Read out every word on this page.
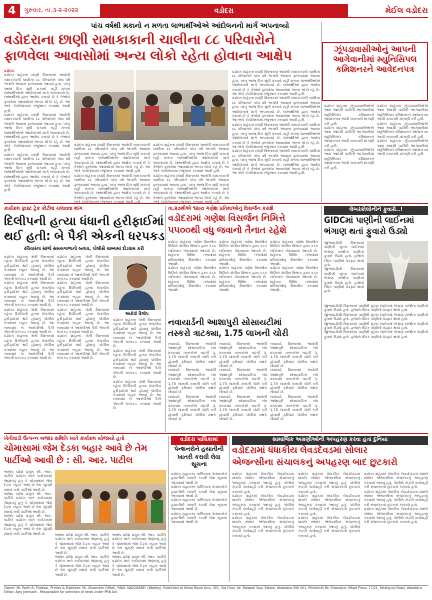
4	ગુરુવાર, તા.૩-૨-૨૦૨૨	વડોદરા	મેઈલ વડોદરા
પાંચ વર્ષથી મકાનો ન મળતા લાભાર્થીઓએ આંદોલનનો માર્ગ અપનાવ્યો
વડોદરાના છાણી રામાકાકાની ચાલીના ૮૮ પરિવારોને
ફાળવેલા આવાસોમાં અન્ય લોકો રહેતા હોવાના આક્ષેપ
વડોદરા
વડોદરા શહેરના છાણી વિસ્તારમાં આવેલી રામાકાકાની ચાલીના ૮૮ પરિવારોને પાંચ વર્ષ અગાઉ આવાસ ફાળવવામાં આવ્યા હતા. પરંતુ આજ દિન સુધી મકાનો નહીં મળતા લાભાર્થીઓએ આંદોલનનો માર્ગ અપનાવ્યો છે. લાભાર્થીઓ દ્વારા આક્ષેપ કરાયો છે કે તેઓને ફાળવેલા આવાસોમાં અન્ય લોકો રહે છે. આ અંગે કોર્પોરેશનમાં રજૂઆત કરવામાં આવી હતી.
વડોદરા શહેરના છાણી વિસ્તારમાં આવેલી રામાકાકાની ચાલીના ૮૮ પરિવારોને પાંચ વર્ષ અગાઉ આવાસ ફાળવવામાં આવ્યા હતા. પરંતુ આજ દિન સુધી મકાનો નહીં મળતા લાભાર્થીઓએ આંદોલનનો માર્ગ અપનાવ્યો છે. લાભાર્થીઓ દ્વારા આક્ષેપ કરાયો છે કે તેઓને ફાળવેલા આવાસોમાં અન્ય લોકો રહે છે. આ અંગે કોર્પોરેશનમાં રજૂઆત કરવામાં આવી હતી.
વડોદરા શહેરના છાણી વિસ્તારમાં આવેલી રામાકાકાની ચાલીના ૮૮ પરિવારોને પાંચ વર્ષ અગાઉ આવાસ ફાળવવામાં આવ્યા હતા. પરંતુ આજ દિન સુધી મકાનો નહીં મળતા લાભાર્થીઓએ આંદોલનનો માર્ગ અપનાવ્યો છે. લાભાર્થીઓ દ્વારા આક્ષેપ કરાયો છે કે તેઓને ફાળવેલા આવાસોમાં અન્ય લોકો રહે છે. આ અંગે કોર્પોરેશનમાં રજૂઆત કરવામાં આવી હતી.
વડોદરા શહેરના છાણી વિસ્તારમાં આવેલી રામાકાકાની ચાલીના ૮૮ પરિવારોને પાંચ વર્ષ અગાઉ આવાસ ફાળવવામાં આવ્યા હતા. પરંતુ આજ દિન સુધી મકાનો નહીં મળતા લાભાર્થીઓએ આંદોલનનો માર્ગ અપનાવ્યો છે. લાભાર્થીઓ દ્વારા આક્ષેપ કરાયો છે કે તેઓને ફાળવેલા આવાસોમાં અન્ય લોકો રહે છે. આ અંગે કોર્પોરેશનમાં રજૂઆત કરવામાં આવી હતી.
વડોદરા શહેરના છાણી વિસ્તારમાં આવેલી રામાકાકાની ચાલીના ૮૮ પરિવારોને પાંચ વર્ષ અગાઉ આવાસ ફાળવવામાં આવ્યા હતા. પરંતુ આજ દિન સુધી મકાનો નહીં મળતા લાભાર્થીઓએ આંદોલનનો માર્ગ અપનાવ્યો છે. લાભાર્થીઓ દ્વારા આક્ષેપ કરાયો છે કે તેઓને ફાળવેલા આવાસોમાં અન્ય લોકો રહે છે. આ
વડોદરા શહેરના છાણી વિસ્તારમાં આવેલી રામાકાકાની ચાલીના ૮૮ પરિવારોને પાંચ વર્ષ અગાઉ આવાસ ફાળવવામાં આવ્યા હતા. પરંતુ આજ દિન સુધી મકાનો નહીં મળતા લાભાર્થીઓએ આંદોલનનો માર્ગ અપનાવ્યો છે. લાભાર્થીઓ દ્વારા આક્ષેપ કરાયો છે કે તેઓને ફાળવેલા આવાસોમાં અન્ય લોકો રહે છે. આ અંગે કોર્પોરેશનમાં રજૂઆત કરવામાં આવી હતી.
વડોદરા શહેરના છાણી વિસ્તારમાં આવેલી રામાકાકાની ચાલીના ૮૮ પરિવારોને પાંચ વર્ષ અગાઉ આવાસ ફાળવવામાં આવ્યા હતા. પરંતુ આજ દિન સુધી મકાનો નહીં મળતા લાભાર્થીઓએ આંદોલનનો માર્ગ અપનાવ્યો છે. લાભાર્થીઓ દ્વારા આક્ષેપ કરાયો છે કે તેઓને ફાળવેલા આવાસોમાં અન્ય લોકો રહે છે. આ
વડોદરા શહેરના છાણી વિસ્તારમાં આવેલી રામાકાકાની ચાલીના ૮૮ પરિવારોને પાંચ વર્ષ અગાઉ આવાસ ફાળવવામાં આવ્યા હતા. પરંતુ આજ દિન સુધી મકાનો નહીં મળતા લાભાર્થીઓએ આંદોલનનો માર્ગ અપનાવ્યો છે. લાભાર્થીઓ દ્વારા આક્ષેપ કરાયો છે કે તેઓને ફાળવેલા આવાસોમાં અન્ય લોકો રહે છે. આ અંગે કોર્પોરેશનમાં રજૂઆત કરવામાં આવી હતી.
વડોદરા શહેરના છાણી વિસ્તારમાં આવેલી રામાકાકાની ચાલીના ૮૮ પરિવારોને પાંચ વર્ષ અગાઉ આવાસ ફાળવવામાં આવ્યા હતા. પરંતુ આજ દિન સુધી મકાનો નહીં મળતા લાભાર્થીઓએ આંદોલનનો માર્ગ અપનાવ્યો છે. લાભાર્થીઓ દ્વારા આક્ષેપ કરાયો છે કે તેઓને ફાળવેલા આવાસોમાં અન્ય લોકો રહે છે. આ અંગે કોર્પોરેશનમાં રજૂઆત કરવામાં આવી હતી.
વડોદરા શહેરના છાણી વિસ્તારમાં આવેલી રામાકાકાની ચાલીના ૮૮ પરિવારોને પાંચ વર્ષ અગાઉ આવાસ ફાળવવામાં આવ્યા હતા. પરંતુ આજ દિન સુધી મકાનો નહીં મળતા લાભાર્થીઓએ આંદોલનનો માર્ગ અપનાવ્યો છે. લાભાર્થીઓ દ્વારા આક્ષેપ કરાયો છે કે તેઓને ફાળવેલા આવાસોમાં અન્ય લોકો રહે છે. આ અંગે કોર્પોરેશનમાં રજૂઆત કરવામાં આવી હતી.
વડોદરા શહેરના છાણી વિસ્તારમાં આવેલી રામાકાકાની ચાલીના ૮૮ પરિવારોને પાંચ વર્ષ અગાઉ આવાસ ફાળવવામાં આવ્યા હતા. પરંતુ આજ દિન સુધી મકાનો નહીં મળતા લાભાર્થીઓએ આંદોલનનો માર્ગ અપનાવ્યો છે. લાભાર્થીઓ દ્વારા આક્ષેપ કરાયો છે કે તેઓને ફાળવેલા આવાસોમાં અન્ય લોકો રહે છે. આ અંગે કોર્પોરેશનમાં રજૂઆત કરવામાં આવી હતી.
ઝૂંપડાવાસીઓનું આપની આગેવાનીમાં મ્યુનિસિપલ કમિશનરને આવેદનપત્ર
વડોદરા શહેરના ઝૂંપડાવાસીઓએ આમ આદમી પાર્ટીની આગેવાનીમાં મ્યુનિસિપલ કમિશનરને આવેદનપત્ર આપી મકાનની માંગણી કરી હતી.
વડોદરા શહેરના ઝૂંપડાવાસીઓએ આમ આદમી પાર્ટીની આગેવાનીમાં મ્યુનિસિપલ કમિશનરને આવેદનપત્ર આપી મકાનની માંગણી કરી હતી.
વડોદરા શહેરના ઝૂંપડાવાસીઓએ આમ આદમી પાર્ટીની આગેવાનીમાં મ્યુનિસિપલ કમિશનરને આવેદનપત્ર આપી મકાનની માંગણી કરી હતી.
વડોદરા શહેરના ઝૂંપડાવાસીઓએ આમ આદમી પાર્ટીની આગેવાનીમાં મ્યુનિસિપલ કમિશનરને આવેદનપત્ર આપી મકાનની માંગણી કરી હતી.
વડોદરા શહેરના ઝૂંપડાવાસીઓએ આમ આદમી પાર્ટીની આગેવાનીમાં મ્યુનિસિપલ કમિશનરને આવેદનપત્ર આપી મકાનની માંગણી કરી હતી.
વડોદરા શહેરના ઝૂંપડાવાસીઓએ આમ આદમી પાર્ટીની આગેવાનીમાં મ્યુનિસિપલ કમિશનરને આવેદનપત્ર આપી મકાનની માંગણી કરી હતી.
કાર્યક્રમ ફાસ્ટ ટ્રેક કોર્ટમાં ચલાવવા માંગ
દિલીપની હત્યા ધંધાની હરીફાઈમાં
થઈ હતી: બે પૈકી એકની ધરપકડ
રવિવારના સાંજે સમયગાળાનો બનાવ, પોલીસે ગ્રામ્યમાં દોડધામ કરી
વડોદરા શહેરના ગોત્રી વિસ્તારમાં રહેતા દિલીપની હત્યા ધંધાકીય હરીફાઈમાં થઈ હોવાનું પોલીસ તપાસમાં બહાર આવ્યું છે. આ બનાવમાં બે આરોપીઓ પૈકી એકની ધરપકડ કરવામાં આવી છે.
વડોદરા શહેરના ગોત્રી વિસ્તારમાં રહેતા દિલીપની હત્યા ધંધાકીય હરીફાઈમાં થઈ હોવાનું પોલીસ તપાસમાં બહાર આવ્યું છે. આ બનાવમાં બે આરોપીઓ પૈકી એકની ધરપકડ કરવામાં આવી છે.
વડોદરા શહેરના ગોત્રી વિસ્તારમાં રહેતા દિલીપની હત્યા ધંધાકીય હરીફાઈમાં થઈ હોવાનું પોલીસ તપાસમાં બહાર આવ્યું છે. આ બનાવમાં બે આરોપીઓ પૈકી એકની ધરપકડ કરવામાં આવી છે.
વડોદરા શહેરના ગોત્રી વિસ્તારમાં રહેતા દિલીપની હત્યા ધંધાકીય હરીફાઈમાં થઈ હોવાનું પોલીસ તપાસમાં બહાર આવ્યું છે. આ બનાવમાં બે આરોપીઓ પૈકી એકની ધરપકડ કરવામાં આવી છે.
વડોદરા શહેરના ગોત્રી વિસ્તારમાં રહેતા દિલીપની હત્યા ધંધાકીય હરીફાઈમાં થઈ હોવાનું પોલીસ તપાસમાં બહાર આવ્યું છે. આ બનાવમાં બે આરોપીઓ પૈકી એકની ધરપકડ કરવામાં આવી છે.
વડોદરા શહેરના ગોત્રી વિસ્તારમાં રહેતા દિલીપની હત્યા ધંધાકીય હરીફાઈમાં થઈ હોવાનું પોલીસ તપાસમાં બહાર આવ્યું છે. આ બનાવમાં બે આરોપીઓ પૈકી એકની ધરપકડ કરવામાં આવી છે.
વડોદરા શહેરના ગોત્રી વિસ્તારમાં રહેતા દિલીપની હત્યા ધંધાકીય હરીફાઈમાં થઈ હોવાનું પોલીસ તપાસમાં બહાર આવ્યું છે. આ બનાવમાં બે આરોપીઓ પૈકી એકની ધરપકડ કરવામાં આવી છે.
વડોદરા શહેરના ગોત્રી વિસ્તારમાં રહેતા દિલીપની હત્યા ધંધાકીય હરીફાઈમાં થઈ હોવાનું પોલીસ તપાસમાં બહાર આવ્યું છે. આ બનાવમાં બે આરોપીઓ પૈકી એકની ધરપકડ કરવામાં આવી છે.
આરોપી દિલીપ
વડોદરા શહેરના ગોત્રી વિસ્તારમાં રહેતા દિલીપની હત્યા ધંધાકીય હરીફાઈમાં થઈ હોવાનું પોલીસ તપાસમાં બહાર આવ્યું છે. આ બનાવમાં બે આરોપીઓ પૈકી એકની ધરપકડ કરવામાં આવી છે.
વડોદરા શહેરના ગોત્રી વિસ્તારમાં રહેતા દિલીપની હત્યા ધંધાકીય હરીફાઈમાં થઈ હોવાનું પોલીસ તપાસમાં બહાર આવ્યું છે. આ બનાવમાં બે આરોપીઓ પૈકી એકની ધરપકડ કરવામાં આવી છે.
વડોદરા શહેરના ગોત્રી વિસ્તારમાં રહેતા દિલીપની હત્યા ધંધાકીય હરીફાઈમાં થઈ હોવાનું પોલીસ તપાસમાં બહાર આવ્યું છે. આ બનાવમાં બે આરોપીઓ પૈકી એકની ધરપકડ કરવામાં આવી છે.
તા.૨૭મીએ ૧૨૯૦ ગણેશ પ્રતિમાઓનું વિસર્જન કરાશે
વડોદરામાં ગણેશ વિસર્જન નિમિત્તે
૫૫૦૦થી વધુ જવાનો તૈનાત રહેશે
વડોદરા શહેરમાં ગણેશ વિસર્જન નિમિત્તે પોલીસ વિભાગ દ્વારા કડક બંદોબસ્ત ગોઠવવામાં આવ્યો છે. શહેરના વિવિધ તળાવોમાં પ્રતિમાઓનું વિસર્જન કરવામાં આવશે.
વડોદરા શહેરમાં ગણેશ વિસર્જન નિમિત્તે પોલીસ વિભાગ દ્વારા કડક બંદોબસ્ત ગોઠવવામાં આવ્યો છે. શહેરના વિવિધ તળાવોમાં પ્રતિમાઓનું વિસર્જન કરવામાં આવશે.
વડોદરા શહેરમાં ગણેશ વિસર્જન નિમિત્તે પોલીસ વિભાગ દ્વારા કડક બંદોબસ્ત ગોઠવવામાં આવ્યો છે. શહેરના વિવિધ તળાવોમાં પ્રતિમાઓનું વિસર્જન કરવામાં આવશે.
વડોદરા શહેરમાં ગણેશ વિસર્જન નિમિત્તે પોલીસ વિભાગ દ્વારા કડક બંદોબસ્ત ગોઠવવામાં આવ્યો છે. શહેરના વિવિધ તળાવોમાં પ્રતિમાઓનું વિસર્જન કરવામાં આવશે.
વડોદરા શહેરમાં ગણેશ વિસર્જન નિમિત્તે પોલીસ વિભાગ દ્વારા કડક બંદોબસ્ત ગોઠવવામાં આવ્યો છે. શહેરના વિવિધ તળાવોમાં પ્રતિમાઓનું વિસર્જન કરવામાં આવશે.
વડોદરા શહેરમાં ગણેશ વિસર્જન નિમિત્તે પોલીસ વિભાગ દ્વારા કડક બંદોબસ્ત ગોઠવવામાં આવ્યો છે. શહેરના વિવિધ તળાવોમાં પ્રતિમાઓનું વિસર્જન કરવામાં આવશે.
નવાયાર્ડની આશાપુરી સોસાયટીમાં
તસ્કરો ત્રાટક્યા, 1.75 લાખની ચોરી
નવાયાર્ડ વિસ્તારમાં આવેલી આશાપુરી સોસાયટીના બંધ મકાનમાં તસ્કરોએ ત્રાટકી રૂ. 1.75 લાખની મત્તાની ચોરી કરી હોવાની ફરિયાદ પોલીસ મથકે નોંધાઈ છે.
નવાયાર્ડ વિસ્તારમાં આવેલી આશાપુરી સોસાયટીના બંધ મકાનમાં તસ્કરોએ ત્રાટકી રૂ. 1.75 લાખની મત્તાની ચોરી કરી હોવાની ફરિયાદ પોલીસ મથકે નોંધાઈ છે.
નવાયાર્ડ વિસ્તારમાં આવેલી આશાપુરી સોસાયટીના બંધ મકાનમાં તસ્કરોએ ત્રાટકી રૂ. 1.75 લાખની મત્તાની ચોરી કરી હોવાની ફરિયાદ પોલીસ મથકે નોંધાઈ છે.
નવાયાર્ડ વિસ્તારમાં આવેલી આશાપુરી સોસાયટીના બંધ મકાનમાં તસ્કરોએ ત્રાટકી રૂ. 1.75 લાખની મત્તાની ચોરી કરી હોવાની ફરિયાદ પોલીસ મથકે નોંધાઈ છે.
નવાયાર્ડ વિસ્તારમાં આવેલી આશાપુરી સોસાયટીના બંધ મકાનમાં તસ્કરોએ ત્રાટકી રૂ. 1.75 લાખની મત્તાની ચોરી કરી હોવાની ફરિયાદ પોલીસ મથકે નોંધાઈ છે.
નવાયાર્ડ વિસ્તારમાં આવેલી આશાપુરી સોસાયટીના બંધ મકાનમાં તસ્કરોએ ત્રાટકી રૂ. 1.75 લાખની મત્તાની ચોરી કરી હોવાની ફરિયાદ પોલીસ મથકે નોંધાઈ છે.
નવાયાર્ડ વિસ્તારમાં આવેલી આશાપુરી સોસાયટીના બંધ મકાનમાં તસ્કરોએ ત્રાટકી રૂ. 1.75 લાખની મત્તાની ચોરી કરી હોવાની ફરિયાદ પોલીસ મથકે નોંધાઈ છે.
નવાયાર્ડ વિસ્તારમાં આવેલી આશાપુરી સોસાયટીના બંધ મકાનમાં તસ્કરોએ ત્રાટકી રૂ. 1.75 લાખની મત્તાની ચોરી કરી હોવાની ફરિયાદ પોલીસ મથકે નોંધાઈ છે.
નવાયાર્ડ વિસ્તારમાં આવેલી આશાપુરી સોસાયટીના બંધ મકાનમાં તસ્કરોએ ત્રાટકી રૂ. 1.75 લાખની મત્તાની ચોરી કરી હોવાની ફરિયાદ પોલીસ મથકે નોંધાઈ છે.
લેબરકોલોનીને ફુવારો..!
GIDCમાં પાણીની લાઈનમાં
ભંગાણ થતાં ફુવારો ઉડ્યો
જીઆઇડીસી વિસ્તારમાં પાણીની મુખ્ય લાઈનમાં ભંગાણ સર્જાતા પાણીનો ફુવારો ઉડ્યો હતો. હજારો લીટર પાણીનો વેડફાટ થયો હતો.
જીઆઇડીસી વિસ્તારમાં પાણીની મુખ્ય લાઈનમાં ભંગાણ સર્જાતા પાણીનો ફુવારો ઉડ્યો હતો. હજારો લીટર પાણીનો વેડફાટ થયો હતો.
જીઆઇડીસી વિસ્તારમાં પાણીની મુખ્ય લાઈનમાં ભંગાણ સર્જાતા પાણીનો ફુવારો ઉડ્યો હતો. હજારો લીટર પાણીનો વેડફાટ થયો હતો.
જીઆઇડીસી વિસ્તારમાં પાણીની મુખ્ય લાઈનમાં ભંગાણ સર્જાતા પાણીનો ફુવારો ઉડ્યો હતો. હજારો લીટર પાણીનો વેડફાટ થયો હતો.
જીઆઇડીસી વિસ્તારમાં પાણીની મુખ્ય લાઈનમાં ભંગાણ સર્જાતા પાણીનો ફુવારો ઉડ્યો હતો. હજારો લીટર પાણીનો વેડફાટ થયો હતો.
જીઆઇડીસી વિસ્તારમાં પાણીની મુખ્ય લાઈનમાં ભંગાણ સર્જાતા પાણીનો ફુવારો ઉડ્યો હતો. હજારો લીટર પાણીનો વેડફાટ થયો હતો.
ખેતીવાડી ઉત્પન્ન બજાર સમિતિ ખાતે કાર્યક્રમ યોજાયો હતો
ચોમાસામાં જેમ દેડકા બહાર આવે છે તેમ
પાર્ટીઓ આવી છે : સી. આર. પાટીલ
ભાજપ પ્રદેશ પ્રમુખ સી. આર. પાટીલે વડોદરા ખાતે કાર્યક્રમમાં જણાવ્યું હતું કે ચોમાસામાં જેમ દેડકા બહાર આવે છે તેમ ચૂંટણી સમયે નવી પાર્ટીઓ આવી છે.
ભાજપ પ્રદેશ પ્રમુખ સી. આર. પાટીલે વડોદરા ખાતે કાર્યક્રમમાં જણાવ્યું હતું કે ચોમાસામાં જેમ દેડકા બહાર આવે છે તેમ ચૂંટણી સમયે નવી પાર્ટીઓ આવી છે.
ભાજપ પ્રદેશ પ્રમુખ સી. આર. પાટીલે વડોદરા ખાતે કાર્યક્રમમાં જણાવ્યું હતું કે ચોમાસામાં જેમ દેડકા બહાર આવે છે તેમ ચૂંટણી સમયે નવી પાર્ટીઓ આવી છે.	ભાજપ પ્રદેશ પ્રમુખ સી. આર. પાટીલે વડોદરા ખાતે કાર્યક્રમમાં જણાવ્યું હતું કે ચોમાસામાં જેમ દેડકા બહાર આવે છે તેમ ચૂંટણી સમયે નવી પાર્ટીઓ આવી છે.
ભાજપ પ્રદેશ પ્રમુખ સી. આર. પાટીલે વડોદરા ખાતે કાર્યક્રમમાં જણાવ્યું હતું કે ચોમાસામાં જેમ દેડકા બહાર આવે છે તેમ ચૂંટણી સમયે નવી પાર્ટીઓ આવી છે.
ભાજપ પ્રદેશ પ્રમુખ સી. આર. પાટીલે વડોદરા ખાતે કાર્યક્રમમાં જણાવ્યું હતું કે ચોમાસામાં જેમ દેડકા બહાર આવે છે તેમ ચૂંટણી સમયે નવી પાર્ટીઓ આવી છે.
ભાજપ પ્રદેશ પ્રમુખ સી. આર. પાટીલે વડોદરા ખાતે કાર્યક્રમમાં જણાવ્યું હતું કે ચોમાસામાં જેમ દેડકા બહાર આવે છે તેમ ચૂંટણી સમયે નવી પાર્ટીઓ આવી છે.
વડોદરા પાલિકામાં
પેન્શનરોને હયાતીની ખાતરી કરાવી લેવા સૂચના
વડોદરા મહાનગર પાલિકાના પેન્શનરોને હયાતીની ખાતરી કરાવી લેવા સૂચના આપવામાં આવી છે.
વડોદરા મહાનગર પાલિકાના પેન્શનરોને હયાતીની ખાતરી કરાવી લેવા સૂચના આપવામાં આવી છે.
વડોદરા મહાનગર પાલિકાના પેન્શનરોને હયાતીની ખાતરી કરાવી લેવા સૂચના આપવામાં આવી છે.
વડોદરા મહાનગર પાલિકાના પેન્શનરોને હયાતીની ખાતરી કરાવી લેવા સૂચના આપવામાં આવી છે.
સામાજિક અગ્રણીઓની અપહરણ કરવા હતા દુનિયા
વડોદરામાં ધંધાકીય લેવડદેવડમાં સોલાર
એજન્સીના સંચાલકનું અપહરણ બાદ છુટકારો
વડોદરા શહેરમાં ધંધાકીય લેવડદેવડના મામલે સોલાર એજન્સીના સંચાલકનું અપહરણ કરવામાં આવ્યું હતું. પોલીસે ઝડપી કાર્યવાહી કરી સંચાલકનો છુટકારો કરાવ્યો હતો.
વડોદરા શહેરમાં ધંધાકીય લેવડદેવડના મામલે સોલાર એજન્સીના સંચાલકનું અપહરણ કરવામાં આવ્યું હતું. પોલીસે ઝડપી કાર્યવાહી કરી સંચાલકનો છુટકારો કરાવ્યો હતો.
વડોદરા શહેરમાં ધંધાકીય લેવડદેવડના મામલે સોલાર એજન્સીના સંચાલકનું અપહરણ કરવામાં આવ્યું હતું. પોલીસે ઝડપી કાર્યવાહી કરી સંચાલકનો છુટકારો કરાવ્યો હતો.
વડોદરા શહેરમાં ધંધાકીય લેવડદેવડના મામલે સોલાર એજન્સીના સંચાલકનું અપહરણ કરવામાં આવ્યું હતું. પોલીસે ઝડપી કાર્યવાહી કરી સંચાલકનો છુટકારો કરાવ્યો હતો.
વડોદરા શહેરમાં ધંધાકીય લેવડદેવડના મામલે સોલાર એજન્સીના સંચાલકનું અપહરણ કરવામાં આવ્યું હતું. પોલીસે ઝડપી કાર્યવાહી કરી સંચાલકનો છુટકારો કરાવ્યો હતો.
વડોદરા શહેરમાં ધંધાકીય લેવડદેવડના મામલે સોલાર એજન્સીના સંચાલકનું અપહરણ કરવામાં આવ્યું હતું. પોલીસે ઝડપી કાર્યવાહી કરી સંચાલકનો છુટકારો કરાવ્યો હતો.
વડોદરા શહેરમાં ધંધાકીય લેવડદેવડના મામલે સોલાર એજન્સીના સંચાલકનું અપહરણ કરવામાં આવ્યું હતું. પોલીસે ઝડપી કાર્યવાહી કરી સંચાલકનો છુટકારો કરાવ્યો હતો.
વડોદરા શહેરમાં ધંધાકીય લેવડદેવડના મામલે સોલાર એજન્સીના સંચાલકનું અપહરણ કરવામાં આવ્યું હતું. પોલીસે ઝડપી કાર્યવાહી કરી સંચાલકનો છુટકારો કરાવ્યો હતો.
વડોદરા શહેરમાં ધંધાકીય લેવડદેવડના મામલે સોલાર એજન્સીના સંચાલકનું અપહરણ કરવામાં આવ્યું હતું. પોલીસે ઝડપી કાર્યવાહી કરી સંચાલકનો છુટકારો કરાવ્યો હતો.
Owner: Mr. Parth R. Thakkar, Printer & Publisher: Mr. Shamsher Offset, "MAIL VADODARA" (Weekly). Published at Shree Royal Arcs, 301, 3rd Floor, Nr. Rajwadi Opp. Estate, Vadodara-390 001. Printed at Mr. Shamsher Offset Press. 17/21, Fatehgunj Road, Vadodara. Editor: Ajay Jaimsale - Responsible for selection of news under PRB Act.
